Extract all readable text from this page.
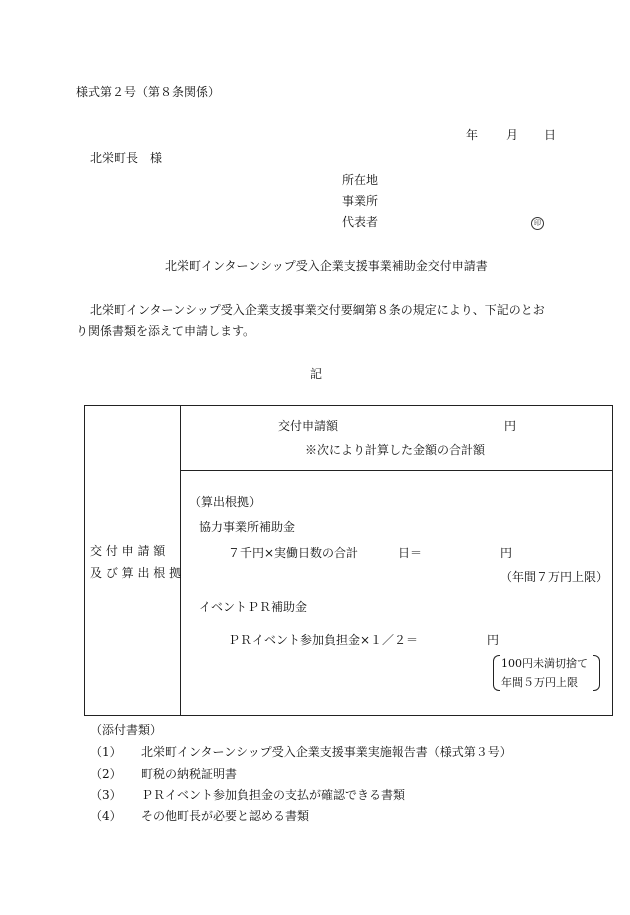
様式第２号（第８条関係）
年 月 日
北栄町長　様
所在地
事業所
代表者	印
北栄町インターンシップ受入企業支援事業補助金交付申請書
北栄町インターンシップ受入企業支援事業交付要綱第８条の規定により、下記のとお
り関係書類を添えて申請します。
記
交 付 申 請 額
及 び 算 出 根 拠
交付申請額	円
※次により計算した金額の合計額
（算出根拠）
協力事業所補助金
７千円×実働日数の合計	日＝	円
（年間７万円上限）
イベントＰＲ補助金
ＰＲイベント参加負担金×１／２＝	円
100円未満切捨て
年間５万円上限
（添付書類）
（1） 北栄町インターンシップ受入企業支援事業実施報告書（様式第３号）
（2） 町税の納税証明書
（3） ＰＲイベント参加負担金の支払が確認できる書類
（4） その他町長が必要と認める書類
